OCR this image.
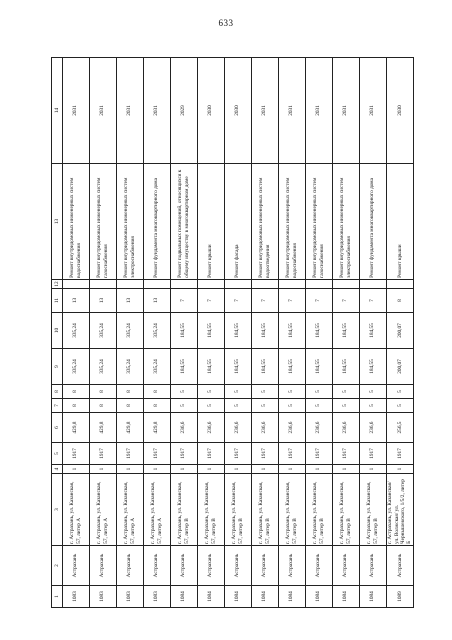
633
1	2	3	4	5	6	7	8	9	10	11	12	13	14
1083	Астрахань	г. Астрахань, ул. Казанская, 57, литер А	1	1917	429,8	8	8	335,24	335,24	13		Ремонт внутридомовых инженерных систем водоснабжения	2031
1083	Астрахань	г. Астрахань, ул. Казанская, 57, литер А	1	1917	429,8	8	8	335,24	335,24	13		Ремонт внутридомовых инженерных систем газоснабжения	2031
1083	Астрахань	г. Астрахань, ул. Казанская, 57, литер А	1	1917	429,8	8	8	335,24	335,24	13		Ремонт внутридомовых инженерных систем электроснабжения	2031
1083	Астрахань	г. Астрахань, ул. Казанская, 57, литер А	1	1917	429,8	8	8	335,24	335,24	13		Ремонт фундамента многоквартирного дома	2031
1084	Астрахань	г. Астрахань, ул. Казанская, 57, литер В	1	1917	236,6	5	5	184,55	184,55	7		Ремонт подвальных помещений, относящихся к общему имуществу в многоквартирном доме	2029
1084	Астрахань	г. Астрахань, ул. Казанская, 57, литер В	1	1917	236,6	5	5	184,55	184,55	7		Ремонт крыши	2030
1084	Астрахань	г. Астрахань, ул. Казанская, 57, литер В	1	1917	236,6	5	5	184,55	184,55	7		Ремонт фасада	2030
1084	Астрахань	г. Астрахань, ул. Казанская, 57, литер В	1	1917	236,6	5	5	184,55	184,55	7		Ремонт внутридомовых инженерных систем водоотведения	2031
1084	Астрахань	г. Астрахань, ул. Казанская, 57, литер В	1	1917	236,6	5	5	184,55	184,55	7		Ремонт внутридомовых инженерных систем водоснабжения	2031
1084	Астрахань	г. Астрахань, ул. Казанская, 57, литер В	1	1917	236,6	5	5	184,55	184,55	7		Ремонт внутридомовых инженерных систем газоснабжения	2031
1084	Астрахань	г. Астрахань, ул. Казанская, 57, литер В	1	1917	236,6	5	5	184,55	184,55	7		Ремонт внутридомовых инженерных систем электроснабжения	2031
1084	Астрахань	г. Астрахань, ул. Казанская, 57, литер В	1	1917	236,6	5	5	184,55	184,55	7		Ремонт фундамента многоквартирного дома	2031
1089	Астрахань	г. Астрахань, ул. Казанская/ ул. Волжская/ ул. Чернышевского, 1/5/2, литер Б	1	1917	256,5	5	5	200,07	200,07	8		Ремонт крыши	2030
